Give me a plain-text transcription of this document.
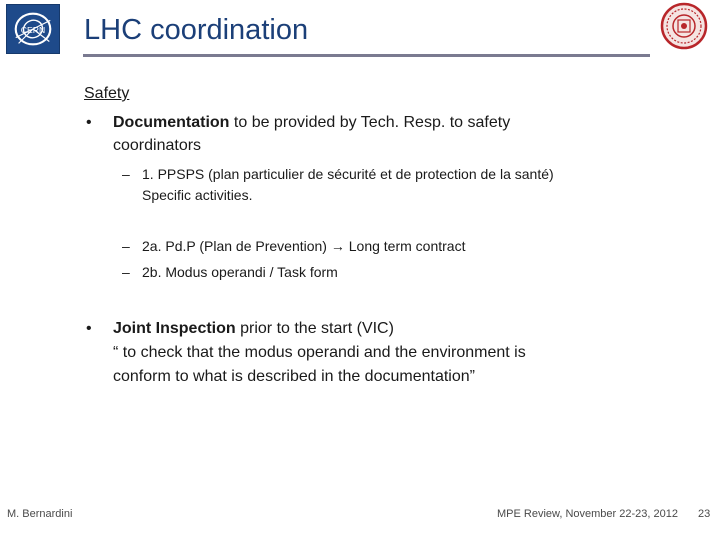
CERN LHC coordination
Safety
• Documentation to be provided by Tech. Resp. to safety
coordinators
– 1. PPSPS (plan particulier de sécurité et de protection de la santé)
Specific activities.
– 2a. Pd.P (Plan de Prevention) → Long term contract
– 2b. Modus operandi / Task form
• Joint Inspection prior to the start (VIC)
“ to check that the modus operandi and the environment is
conform to what is described in the documentation”
M. Bernardini	MPE Review, November 22-23, 2012 23
